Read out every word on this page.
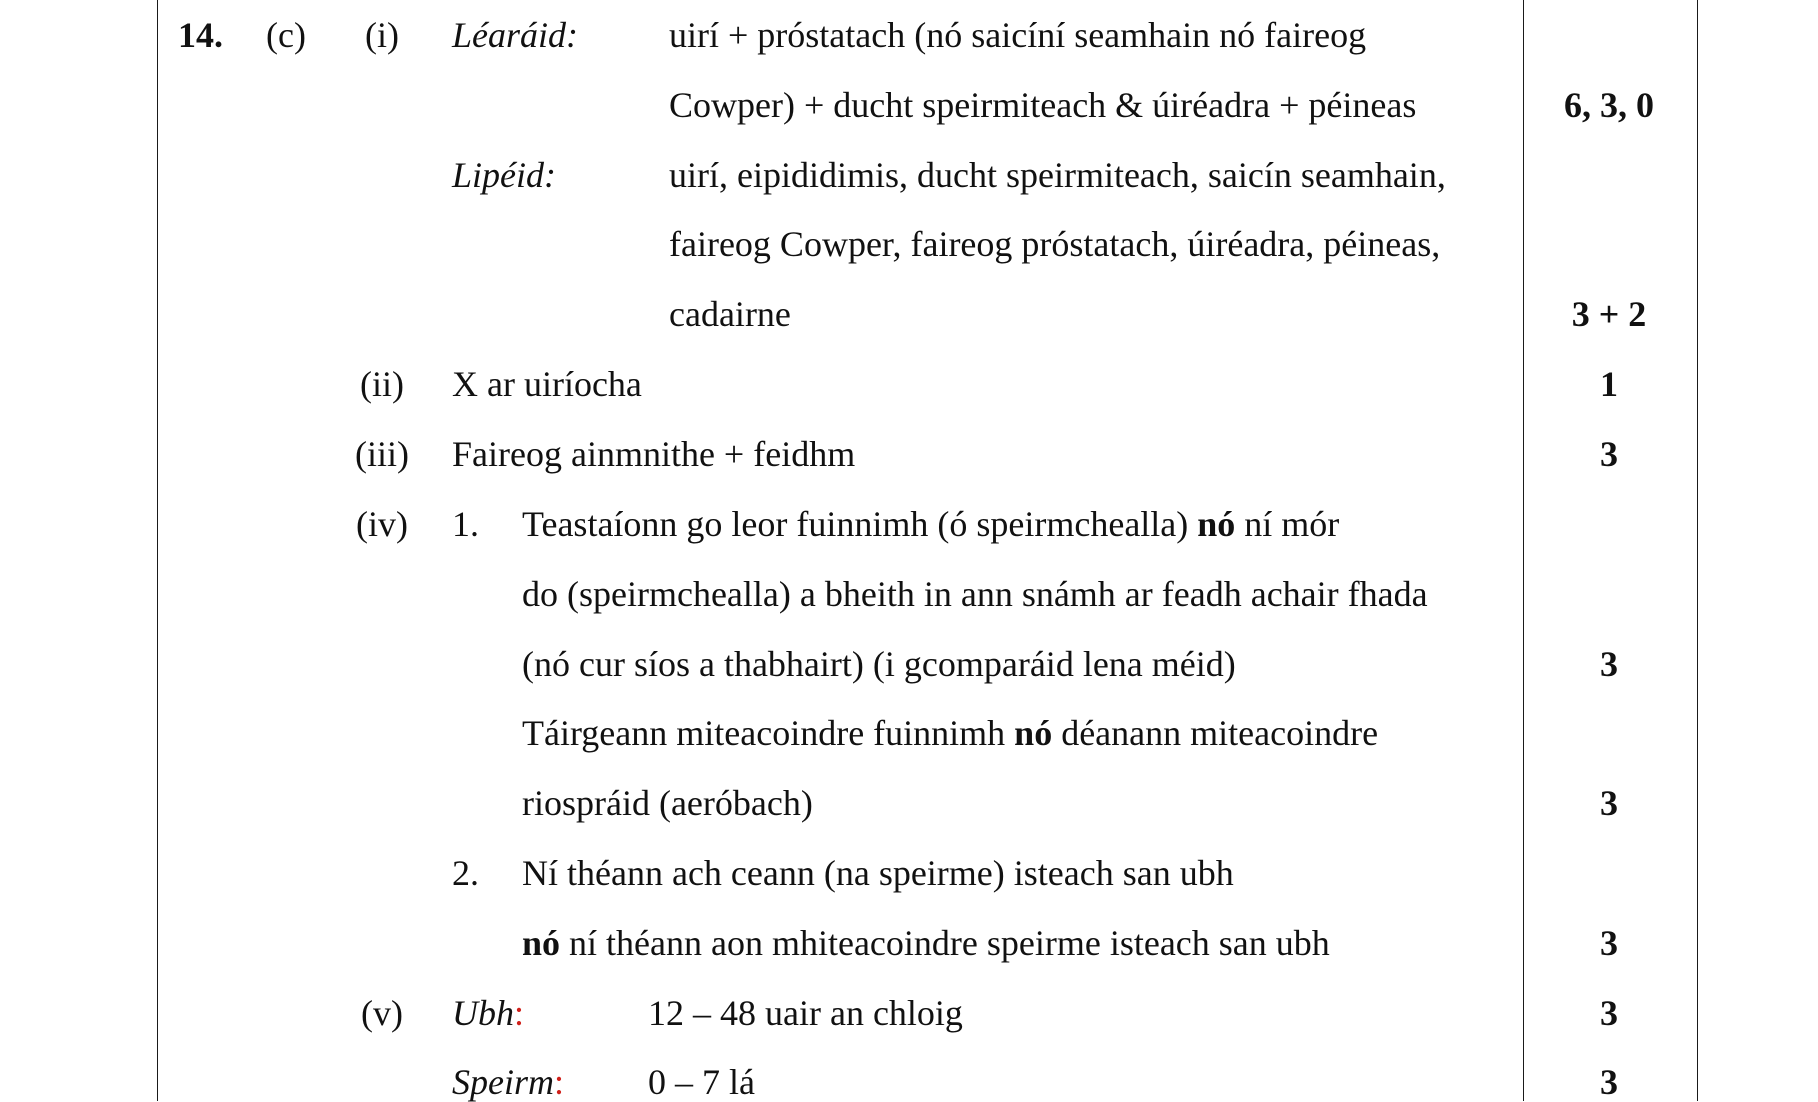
14. (c) (i) Léaráid:	uirí + próstatach (nó saicíní seamhain nó faireog
Cowper) + ducht speirmiteach & úiréadra + péineas	6, 3, 0
Lipéid:	uirí, eipididimis, ducht speirmiteach, saicín seamhain,
faireog Cowper, faireog próstatach, úiréadra, péineas,
cadairne	3 + 2
(ii) X ar uiríocha	1
(iii) Faireog ainmnithe + feidhm	3
(iv) 1. Teastaíonn go leor fuinnimh (ó speirmchealla) nó ní mór
do (speirmchealla) a bheith in ann snámh ar feadh achair fhada
(nó cur síos a thabhairt) (i gcomparáid lena méid)	3
Táirgeann miteacoindre fuinnimh nó déanann miteacoindre
riospráid (aeróbach)	3
2. Ní théann ach ceann (na speirme) isteach san ubh
nó ní théann aon mhiteacoindre speirme isteach san ubh	3
(v) Ubh:	12 – 48 uair an chloig	3
Speirm: 0 – 7 lá	3
